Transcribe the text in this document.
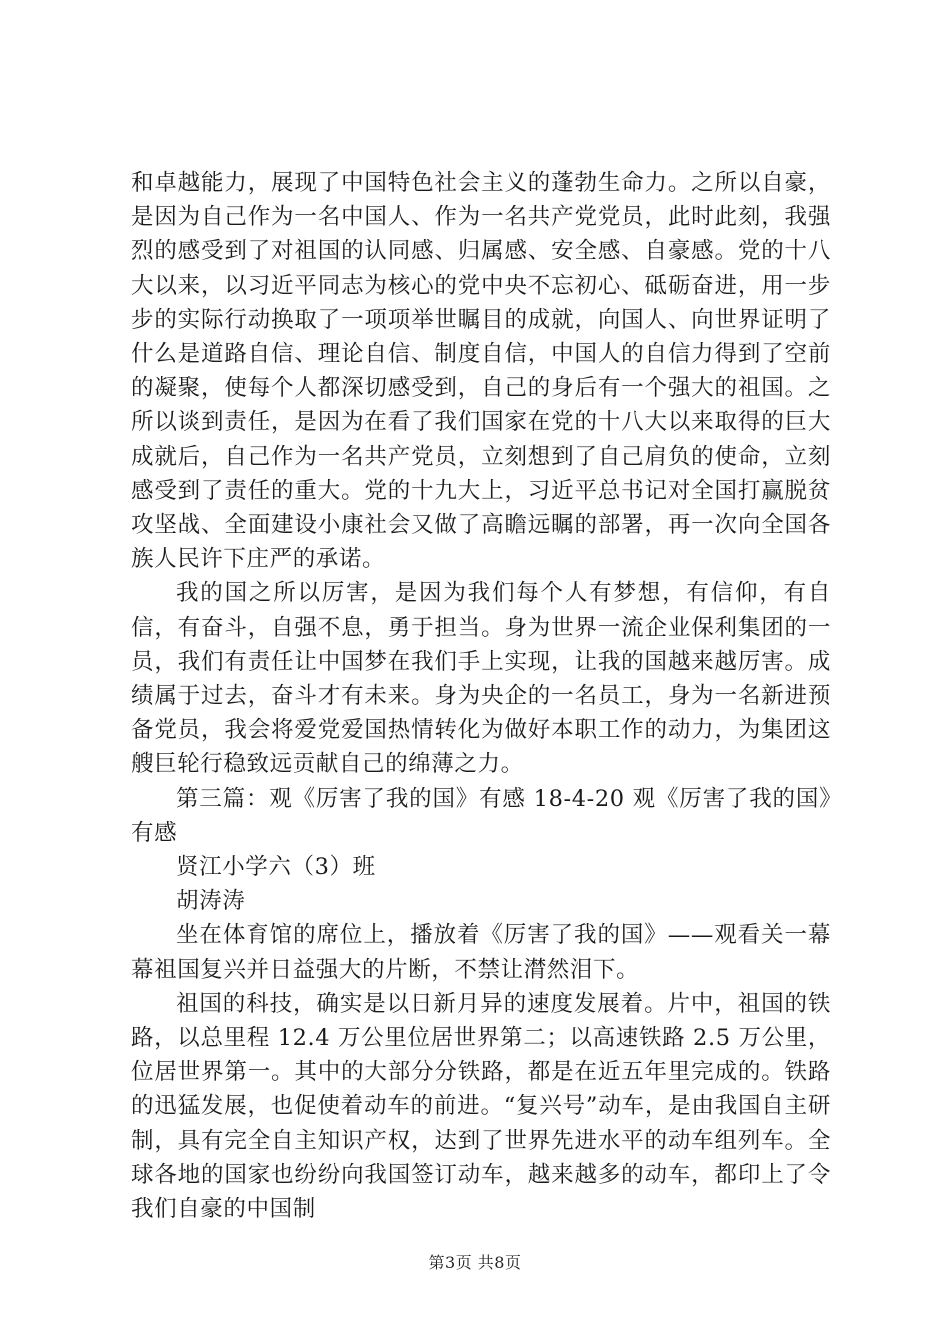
和卓越能力，展现了中国特色社会主义的蓬勃生命力。之所以自豪，是因为自己作为一名中国人、作为一名共产党党员，此时此刻，我强烈的感受到了对祖国的认同感、归属感、安全感、自豪感。党的十八大以来，以习近平同志为核心的党中央不忘初心、砥砺奋进，用一步步的实际行动换取了一项项举世瞩目的成就，向国人、向世界证明了什么是道路自信、理论自信、制度自信，中国人的自信力得到了空前的凝聚，使每个人都深切感受到，自己的身后有一个强大的祖国。之所以谈到责任，是因为在看了我们国家在党的十八大以来取得的巨大成就后，自己作为一名共产党员，立刻想到了自己肩负的使命，立刻感受到了责任的重大。党的十九大上，习近平总书记对全国打赢脱贫攻坚战、全面建设小康社会又做了高瞻远瞩的部署，再一次向全国各族人民许下庄严的承诺。

我的国之所以厉害，是因为我们每个人有梦想，有信仰，有自信，有奋斗，自强不息，勇于担当。身为世界一流企业保利集团的一员，我们有责任让中国梦在我们手上实现，让我的国越来越厉害。成绩属于过去，奋斗才有未来。身为央企的一名员工，身为一名新进预备党员，我会将爱党爱国热情转化为做好本职工作的动力，为集团这艘巨轮行稳致远贡献自己的绵薄之力。

第三篇：观《厉害了我的国》有感 18-4-20 观《厉害了我的国》有感

贤江小学六（3）班

胡涛涛

坐在体育馆的席位上，播放着《厉害了我的国》——观看关一幕幕祖国复兴并日益强大的片断，不禁让潸然泪下。

祖国的科技，确实是以日新月异的速度发展着。片中，祖国的铁路，以总里程 12.4 万公里位居世界第二；以高速铁路 2.5 万公里，位居世界第一。其中的大部分分铁路，都是在近五年里完成的。铁路的迅猛发展，也促使着动车的前进。“复兴号”动车，是由我国自主研制，具有完全自主知识产权，达到了世界先进水平的动车组列车。全球各地的国家也纷纷向我国签订动车，越来越多的动车，都印上了令我们自豪的中国制

第3页 共8页
